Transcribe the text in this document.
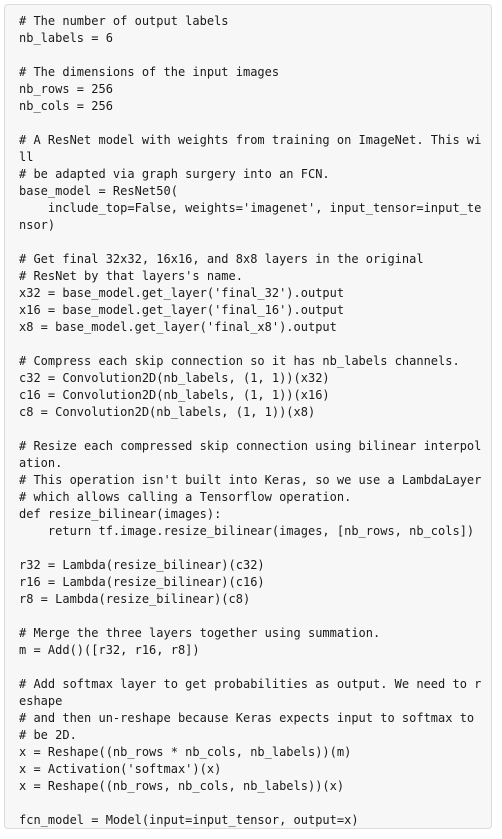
# The number of output labels
nb_labels = 6
# The dimensions of the input images
nb_rows = 256
nb_cols = 256
# A ResNet model with weights from training on ImageNet. This wi
ll
# be adapted via graph surgery into an FCN.
base_model = ResNet50(
include_top=False, weights='imagenet', input_tensor=input_te
nsor)
# Get final 32x32, 16x16, and 8x8 layers in the original
# ResNet by that layers's name.
x32 = base_model.get_layer('final_32').output
x16 = base_model.get_layer('final_16').output
x8 = base_model.get_layer('final_x8').output
# Compress each skip connection so it has nb_labels channels.
c32 = Convolution2D(nb_labels, (1, 1))(x32)
c16 = Convolution2D(nb_labels, (1, 1))(x16)
c8 = Convolution2D(nb_labels, (1, 1))(x8)
# Resize each compressed skip connection using bilinear interpol
ation.
# This operation isn't built into Keras, so we use a LambdaLayer
# which allows calling a Tensorflow operation.
def resize_bilinear(images):
return tf.image.resize_bilinear(images, [nb_rows, nb_cols])
r32 = Lambda(resize_bilinear)(c32)
r16 = Lambda(resize_bilinear)(c16)
r8 = Lambda(resize_bilinear)(c8)
# Merge the three layers together using summation.
m = Add()([r32, r16, r8])
# Add softmax layer to get probabilities as output. We need to r
eshape
# and then un-reshape because Keras expects input to softmax to
# be 2D.
x = Reshape((nb_rows * nb_cols, nb_labels))(m)
x = Activation('softmax')(x)
x = Reshape((nb_rows, nb_cols, nb_labels))(x)
fcn_model = Model(input=input_tensor, output=x)
